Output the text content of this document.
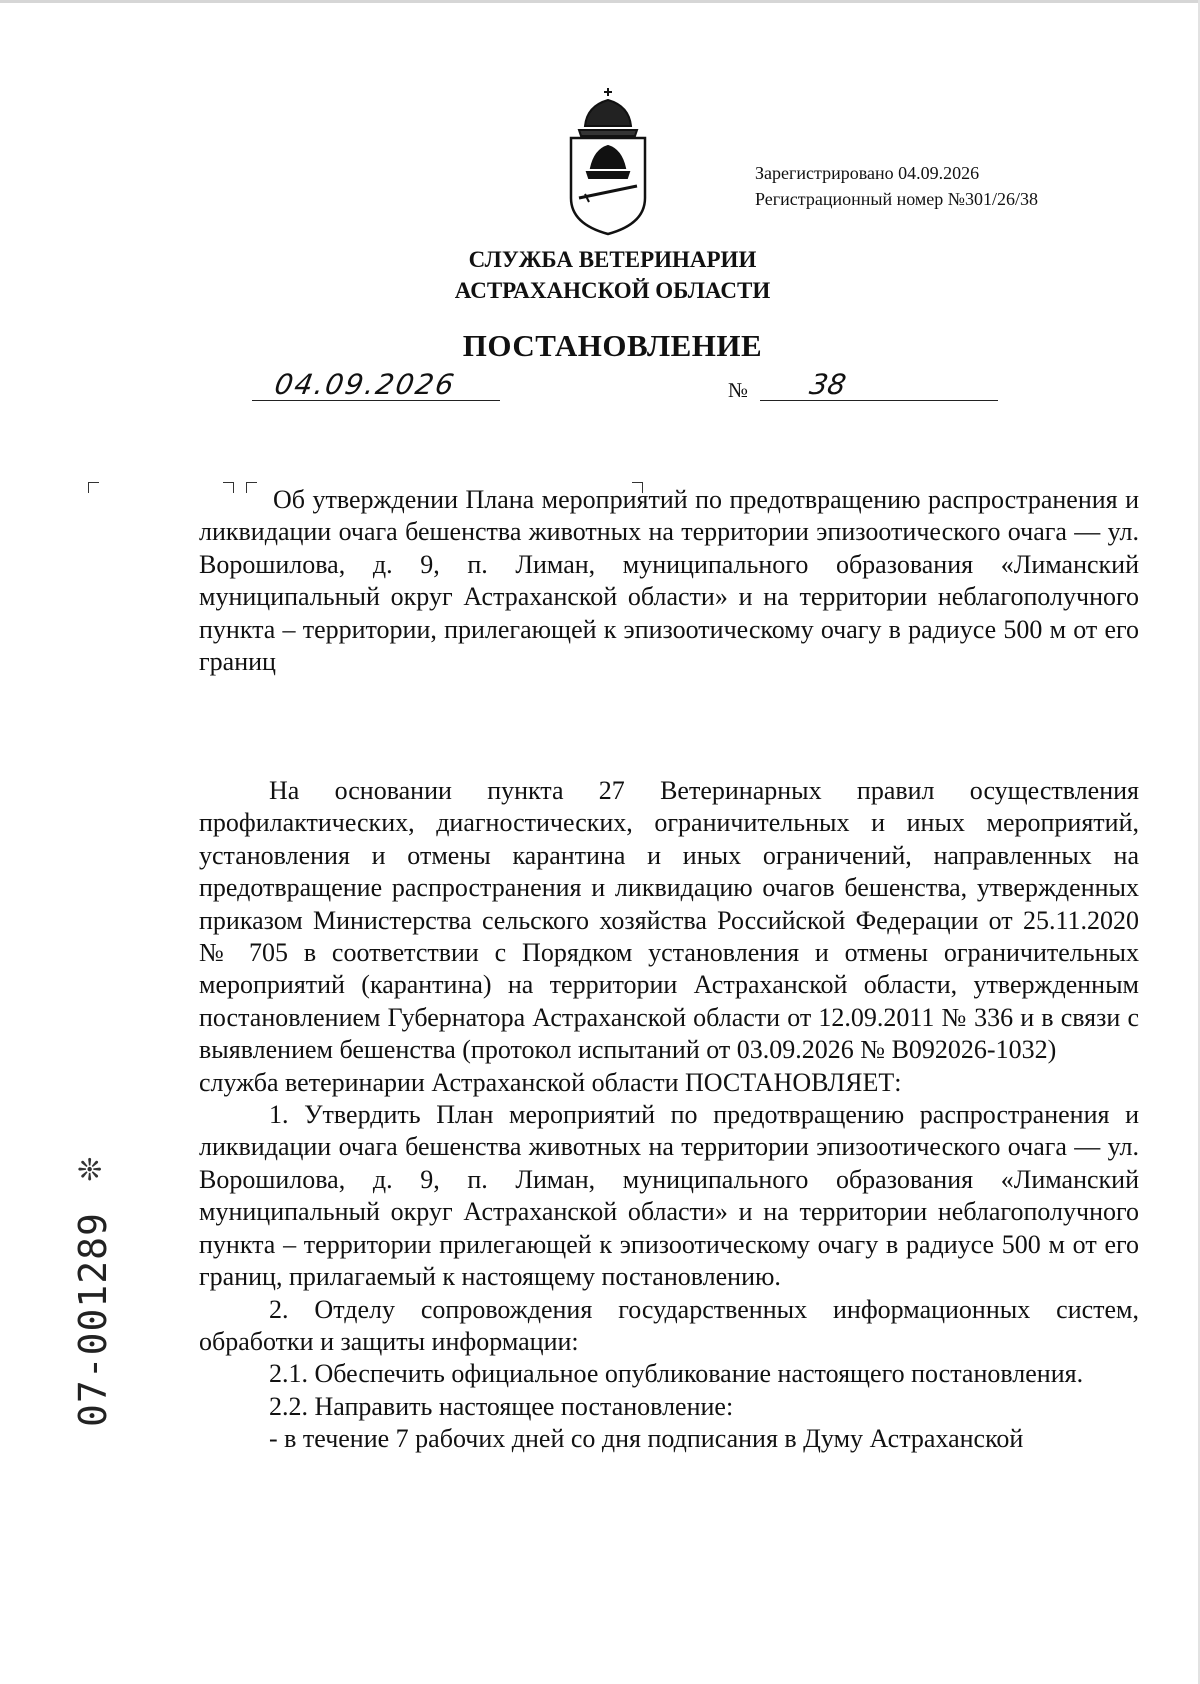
Зарегистрировано 04.09.2026
Регистрационный номер №301/26/38
СЛУЖБА ВЕТЕРИНАРИИ
АСТРАХАНСКОЙ ОБЛАСТИ
ПОСТАНОВЛЕНИЕ
04.09.2026	№ 38
Об утверждении Плана мероприятий по предотвращению распространения и ликвидации очага бешенства животных на территории эпизоотического очага — ул. Ворошилова, д. 9, п. Лиман, муниципального образования «Лиманский муниципальный округ Астраханской области» и на территории неблагополучного пункта – территории, прилегающей к эпизоотическому очагу в радиусе 500 м от его границ

На основании пункта 27 Ветеринарных правил осуществления профилактических, диагностических, ограничительных и иных мероприятий, установления и отмены карантина и иных ограничений, направленных на предотвращение распространения и ликвидацию очагов бешенства, утвержденных приказом Министерства сельского хозяйства Российской Федерации от 25.11.2020 № 705 в соответствии с Порядком установления и отмены ограничительных мероприятий (карантина) на территории Астраханской области, утвержденным постановлением Губернатора Астраханской области от 12.09.2011 № 336 и в связи с выявлением бешенства (протокол испытаний от 03.09.2026 № В092026-1032)

служба ветеринарии Астраханской области ПОСТАНОВЛЯЕТ:

1. Утвердить План мероприятий по предотвращению распространения и ликвидации очага бешенства животных на территории эпизоотического очага — ул. Ворошилова, д. 9, п. Лиман, муниципального образования «Лиманский муниципальный округ Астраханской области» и на территории неблагополучного пункта – территории прилегающей к эпизоотическому очагу в радиусе 500 м от его границ, прилагаемый к настоящему постановлению.

2. Отделу сопровождения государственных информационных систем, обработки и защиты информации:

2.1. Обеспечить официальное опубликование настоящего постановления.

2.2. Направить настоящее постановление:

- в течение 7 рабочих дней со дня подписания в Думу Астраханской

❊
07-001289
